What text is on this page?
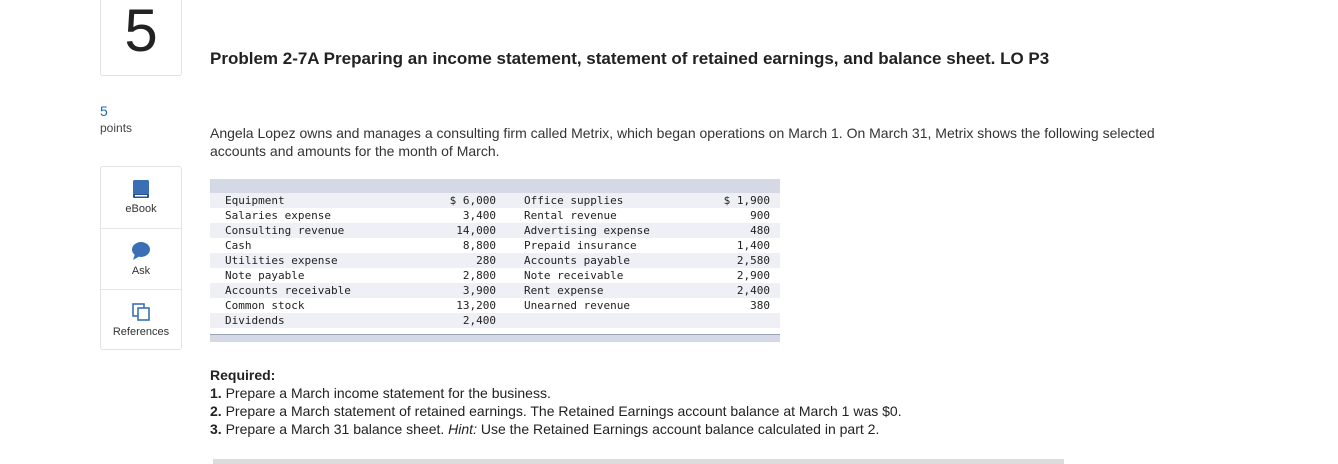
5
5
points
eBook
Ask
References
Problem 2-7A Preparing an income statement, statement of retained earnings, and balance sheet. LO P3

Angela Lopez owns and manages a consulting firm called Metrix, which began operations on March 1. On March 31, Metrix shows the following selected accounts and amounts for the month of March.

Equipment	$ 6,000	Office supplies	$ 1,900
Salaries expense	3,400	Rental revenue	900
Consulting revenue	14,000	Advertising expense	480
Cash	8,800	Prepaid insurance	1,400
Utilities expense	280	Accounts payable	2,580
Note payable	2,800	Note receivable	2,900
Accounts receivable	3,900	Rent expense	2,400
Common stock	13,200	Unearned revenue	380
Dividends	2,400
Required:
1. Prepare a March income statement for the business.
2. Prepare a March statement of retained earnings. The Retained Earnings account balance at March 1 was $0.
3. Prepare a March 31 balance sheet. Hint: Use the Retained Earnings account balance calculated in part 2.
